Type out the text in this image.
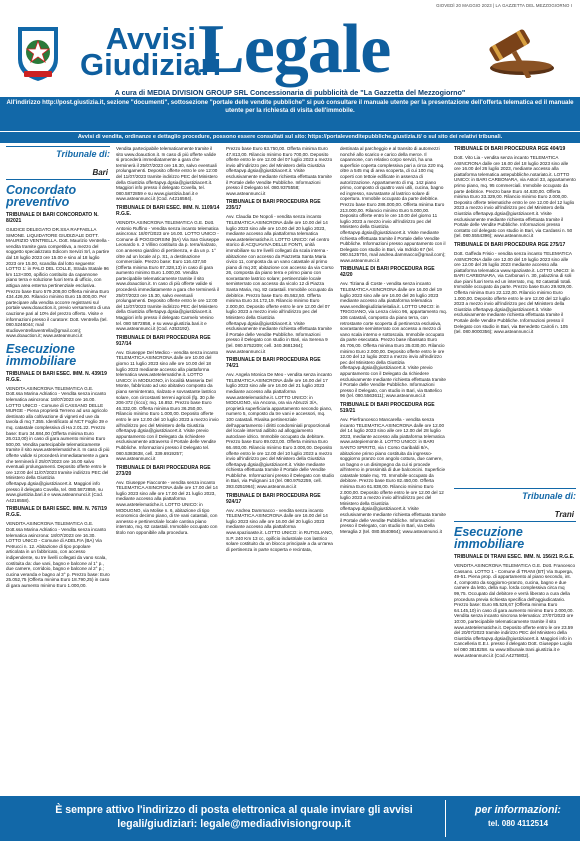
GIOVEDÌ 20 MAGGIO 2023 | LA GAZZETTA DEL MEZZOGIORNO I
Avvisi
Giudiziari
Legale
A cura di MEDIA DIVISION GROUP SRL Concessionaria di pubblicità de "La Gazzetta del Mezzogiorno"
All'indirizzo http://post.giustizia.it, sezione "documenti", sottosezione "portale delle vendite pubbliche" si può consultare il manuale utente per la presentazione dell'offerta telematica ed il manuale utente per la richiesta di visita dell'immobile.
Avvisi di vendita, ordinanze e dettaglio procedure, possono essere consultati sul sito: https://portalevenditepubbliche.giustizia.it/ o sul sito dei relativi tribunali.
Tribunale di:
Bari
Concordato preventivo

TRIBUNALE DI BARI CONCORDATO N. 8/2021

GIUDICE DELEGATO DR.SSA RAFFAELLA SIMONE. LIQUIDATORE GIUDIZIALE DOTT. MAURIZIO VENTRELLA. Dott. Maurizio Ventrella - vendita tramite gara competitiva, a mezzo del soggetto specializzato Edicom Servizi Srl, a partire dal 18 luglio 2023 ore 15.00 e sino al 18 luglio 2023 ore 15.00, scandita dal lotto seguente: LOTTO 1: in PALO DEL COLLE, Strada Statale 96 km 113+300, opificio costituito da capannone piano terra e soluzione fuori terra di ufficio, con attigua area esterna pertinenziale esclusiva. Prezzo base Euro 579.208,00 Offerta minima Euro 434.426,00. Rilancio minimo Euro 15.000,00. Per partecipare alla vendita occorre registrarsi sul portale www.doauction.it, previo versamento di una cauzione pari al 10% del prezzo offerto. Visite e informazioni presso il curatore: Dott. Ventrella (tel. 080.5246044; mail studioventrellaventrella@gmail.com); www.doauction.it; www.asteannunci.it

Esecuzione immobiliare

TRIBUNALE DI BARI ESEC. IMM. N. 439/19 R.G.E.

VENDITA ASINCRONA TELEMATICA G.E. Dott.ssa Marina Adriatico - Vendita senza incanto telematica asincrona: 18/07/2023 ore 16.00. LOTTO UNICO - Comune di CASSANO DELLE MURGE - Piena proprietà Terreno ad uso agricolo destinato alla coltivazione di vigneti ed uve da tavola di mq 7.355. Identificato al NCT Foglio 39 e mq. catastale complessiva di Ha 2.01.22. Prezzo base: Euro 34.684,00 (Offerta minima Euro 26.013,00) in caso di gara aumento minimo Euro 500,00. Vendita partecipabile telematicamente tramite il sito www.astetelematiche.it. In caso di più offerte valide si procederà immediatamente a gara che terminerà il 25/07/2023 ore 16.00 salvo eventuali prolungamenti. Deposito offerte entro le ore 12:00 del 11/07/2023 tramite indirizzo PEC del Ministero della Giustizia offertapvp.dgsia@giustiziacert.it. Maggiori info presso il delegato Covella, tel. 080.5872859, su www.giustizia.bari.it e www.asteannunci.it (Cod. A4216558).

TRIBUNALE DI BARI ESEC. IMM. N. 767/19 R.G.E.

VENDITA ASINCRONA TELEMATICA G.E. Dott.ssa Marina Adriatico - Vendita senza incanto telematica asincrona: 18/07/2023 ore 16.30. LOTTO UNICO - Comune di ADELFIA (BA) Via Petrucci n. 12. Abitazione di tipo popolare articolata in un fabbricato, con accesso indipendente, su tre livelli collegati da vano scala, costituita da: due vani, bagno e balcone al 1° p., due camere, corridoio, bagno e balcone al 2° p.; cucina veranda e bagno al 3° p. Prezzo base: Euro 25.052,75 (Offerta minima Euro 18.790,25) in caso di gara aumento minimo Euro 1.000,00.

Vendita partecipabile telematicamente tramite il sito www.doauction.it. In caso di più offerte valide si procederà immediatamente a gara che terminerà il 25/07/2023 ore 16.30, salvo eventuali prolungamenti. Deposito offerte entro le ore 12:00 del 11/07/2023 tramite indirizzo PEC del Ministero della Giustizia offertapvp.dgsia@giustiziacert.it. Maggiori info presso il delegato Covella, tel. 080.5872859 e su www.giustizia.bari.it e www.asteannunci.it (Cod. A4216584).

TRIBUNALE DI BARI ESEC. IMM. N. 1109/14 R.G.E.

VENDITA ASINCRONA TELEMATICA G.E. Dott. Antonio Ruffino - Vendita senza incanto telematica asincrona: 18/07/2023 ore 16.00. LOTTO UNICO - Comune di POGGIORSINI (BA) Via San Giuseppe Leonardo n. 2 Villino costituito da p. terra/rialzato, con annesso giardino di pertinenza, e da un p. 1° oltre ad un locale al p. S1, a destinazione commerciale. Prezzo base: Euro 116.437,50 (Offerta minima Euro 87.328,13) in caso di gara aumento minimo Euro 1.000,00. Vendita partecipabile telematicamente tramite il sito www.doauction.it. In caso di più offerte valide si procederà immediatamente a gara che terminerà il 25/07/2023 ore 15.30, salvo eventuali prolungamenti. Deposito offerte entro le ore 12:00 del 11/07/2023 tramite indirizzo PEC del Ministero della Giustizia offertapvp.dgsia@giustiziacert.it. Maggiori info presso il delegato Carmelo Venino tel. 080 5872858, e su www.giustizia.bari.it e www.asteannunci.it (Cod. A353192).

TRIBUNALE DI BARI PROCEDURA RGE 917/14

Avv. Giuseppe Del Medico - vendita senza incanto TELEMATICA ASINCRONA dalle ore 10.00 del giorno 11 luglio 2023 sino alle ore 10.00 del 18 luglio 2023 mediante accesso alla piattaforma telematica www.astetelematiche.it. LOTTO UNICO: in MODUGNO, in località Masseria Del Monte, fabbricato ad uso abitativo composto da piano seminterrato, rialzato e sovrastante lastrico solare, con circostanti terreni agricoli (fg. 30 p.lle 206-372 (ricco); mq. 16.852. Prezzo base Euro 46.332,00. Offerta minima Euro 36.250,00. Rilancio minimo Euro 1.000,00. Deposito offerte entro le ore 12.00 del 10 luglio 2023 a mezzo invio all'indirizzo pec del Ministero della Giustizia offertapvp.dgsia@giustiziacert.it. Visite previo appuntamento con il Delegato da richiedere esclusivamente attraverso il Portale delle Vendite Pubbliche. Informazioni presso il Delegato tel. 080.5383638, cell. 339.6919257; www.asteannunci.it

TRIBUNALE DI BARI PROCEDURA RGE 273/20

Avv. Giuseppe Fiacconte - vendita senza incanto TELEMATICA ASINCRONA dalle ore 17.00 del 14 luglio 2023 sino alle ore 17.00 del 21 luglio 2023, mediante accesso alla piattaforma www.astetelematiche.it. LOTTO UNICO: in MODUGNO, via Molise n. 6, abitazione di tipo economico decimo piano, di tre vani catastali, con annesso e pertinenziale locale cantina piano interrato, mq. 62 catastali. Immobile occupato con titolo non opponibile alla procedura.

Prezzo base Euro 63.750,00. Offerta minima Euro 47.813,00. Rilancio minimo Euro 700,00. Deposito offerte entro le ore 12.00 del 07 luglio 2023 a mezzo invio all'indirizzo pec del Ministero della Giustizia offertapvp.dgsia@giustiziacert.it. Visite esclusivamente mediante richiesta effettuata tramite il Portale delle Vendite Pubbliche. Informazioni presso il Delegato tel. 080.9375558; www.asteannunci.it

TRIBUNALE DI BARI PROCEDURA RGE 235/17

Avv. Claudia De Nopoli - vendita senza incanto TELEMATICA ASINCRONA dalle ore 10.00 del 14 luglio 2023 sino alle ore 10.00 del 20 luglio 2023, mediante accesso alla piattaforma telematica www.astetelematiche.it. LOTTO UNICO: nel centro storico di ACQUAVIVA DELLE FONTI, unità immobiliare su tre livelli collegati da scala interna - abitazione con accesso da Piazzetta Santa Maria civico 11, composta da un vano catastale al primo piano di mq 20; abitazione con accesso da via Corso 26, composta da piano terra e primo piano con sovrastante lastrico solare; pertinenziale locale seminterrato con accesso da vicolo 12 di Piazza Santa Maria, mq. 82 catastali. Immobile occupato da debitrice. Prezzo base Euro 45.562,50. Offerta minima Euro 34.172,19. Rilancio minimo Euro 2.000,00. Deposito offerte entro le ore 12.00 del 07 luglio 2023 a mezzo invio all'indirizzo pec del Ministero della Giustizia offertapvp.dgsia@giustiziacert.it. Visite esclusivamente mediante richiesta effettuata tramite il Portale delle Vendite Pubbliche. Informazioni presso il Delegato con studio in Bari, via Serena 9 (tel. 080.5752209; cell. 340.3681364); www.asteannunci.it

TRIBUNALE DI BARI PROCEDURA RGE 74/21

Avv. Angela Monica De Meo - vendita senza incanto TELEMATICA ASINCRONA dalle ore 16.00 del 17 luglio 2023 sino alle ore 16.00 del 21 luglio 2023 mediante accesso alla piattaforma www.astetelematiche.it. LOTTO UNICO: in MODUGNO, via Ancona, ora via Abruzzi 3/A, proprietà superficiaria appartamento secondo piano, numero 5, composto da tre vani e accessori, mq. 100 catastali. Rivalsa pertinenziale dell'appartamento i diritti condominiali proporzionali del locale interrati adibito ad alloggiamento autoclave idrico. Immobile occupato da debitore. Prezzo base Euro 89.023,00. Offerta minima Euro 66.493,00. Rilancio minimo Euro 3.000,00. Deposito offerte entro le ore 12.00 del 10 luglio 2023 a mezzo invio all'indirizzo pec del Ministero della Giustizia offertapvp.dgsia@giustiziacert.it. Visite mediante richiesta effettuata tramite il Portale delle Vendite Pubbliche. Informazioni presso il Delegato con studio in Bari, via Pulignani 14 (tel. 080.9752259, cell. 393.0251964); www.asteannunci.it

TRIBUNALE DI BARI PROCEDURA RGE 924/17

Avv. Andrea Dammacco - vendita senza incanto TELEMATICA ASINCRONA dalle ore 16.00 del 14 luglio 2023 sino alle ore 16.00 del 20 luglio 2023 mediante accesso alla piattaforma www.spazioaste.it. LOTTO UNICO: in RUTIGLIANO, S.P. 240 Km 13 cc, opificio industriale con lastrico solare costituito da un blocco principale a da un'area di pertinenza in parte scoperta e recintata,

destinata al parcheggio e al transito di automezzi nonché allo scarico e carico della merce. Il capannone, con relativo corpo servizi, ha una superficie coperta complessiva pari a circa 220 mq. oltre a 545 mq di area scoperta, di cui 100 mq coperti con tettoie edificate in assenza di autorizzazione. Appartamento di mq. 142 piano primo, composto di quattro vani utili, cucina, bagno ed ingresso, sovrastante al lastrico solare di copertura. Immobile occupato da parte debitrice. Prezzo base Euro 286.000,00. Offerta minima Euro 213.000,00. Rilancio minimo Euro 5.000,00. Deposito offerte entro le ore 10.00 del giorno 11 luglio 2023 a mezzo invio all'indirizzo pec del Ministero della Giustizia offertapvp.dgsia@giustiziacert.it. Visite mediante richiesta effettuata tramite il Portale delle Vendite Pubbliche. Informazioni presso appuntamento con il Delegato con studio in Bari, via Indrido 67 (tel. 080.5125704, mail andrea.dammacco@gmail.com); www.asteannunci.it

TRIBUNALE DI BARI PROCEDURA RGE 42/20

Avv. Tiziana di Coste - vendita senza incanto TELEMATICA ASINCRONA dalle ore 16.00 del 19 luglio 2023 sino alle ore 16.00 del 26 luglio 2023 mediante accesso alla piattaforma telematica www.venditegiudiziarieitalia.it. LOTTO UNICO: in TRIGGIANO, via Lenza civico 96, appartamento mq. 106 catastali, composto da piano terra, con retrostante corte scoperta di pertinenza esclusiva, sovrastante seminterrato con accesso a mezzo di vano scala interno e sottoscala. Immobile occupato da parte esecutata. Prezzo base ribassato Euro 46.706,00. Offerta minima Euro 35.030,00. Rilancio minimo Euro 2.000,00. Deposito offerte entro le ore 12.00 del 12 luglio 2023 a mezzo invio all'indirizzo pec del Ministero della Giustizia offertapvp.dgsia@giustiziacert.it. Visite previo appuntamento con il Delegato da richiedere esclusivamente mediante richiesta effettuata tramite il Portale delle Vendite Pubbliche. Informazioni presso il Delegato, con studio in Bari, via Battelico 96 (tel. 080.5563611); www.asteannunci.it

TRIBUNALE DI BARI PROCEDURA RGE 519/21

Avv. Pierfrancesco Mancarella - vendita senza incanto TELEMATICA ASINCRONA dalle ore 12.00 del 14 luglio 2023 sino alle ore 12.00 del 28 luglio 2023, mediante accesso alla piattaforma telematica www.astepiemonte.it. LOTTO UNICO: in BARI SANTO SPIRITO, via I Corso Garibaldi 8/A, abitazione primo piano costituita da ingresso-soggiorno pranzo con angolo cottura, due camere, un bagno e un disimpegno da cui si procede all'interno in prossimità di due balconcini. Superficie catastale totale mq. 70. Immobile occupato da debitore. Prezzo base Euro 82.450,00. Offerta minima Euro 61.838,00. Rilancio minimo Euro 2.000,00. Deposito offerte entro le ore 12.00 del 12 luglio 2023 a mezzo invio all'indirizzo pec del Ministero della Giustizia offertapvp.dgsia@giustiziacert.it. Visite esclusivamente mediante richiesta effettuata tramite il Portale delle Vendite Pubbliche. Informazioni presso il Delegato, con studio in Bari, via Della Meraglia 2 (tel. 080.5540864); www.asteannunci.it

TRIBUNALE DI BARI PROCEDURA RGE 404/19

Dott. Vito Lia - vendita senza incanto TELEMATICA ASINCRONA dalle ore 16.00 del 18 luglio 2023 sino alle ore 16.00 del 26 luglio 2023, mediante accesso alla piattaforma telematica astepubbliche.notariato.it. LOTTO UNICO: in BARI CARBONARA, via Astori 33, appartamento primo piano, mq. 95 commerciali. Immobile occupato da parte debitrice. Prezzo base Euro 44.630,00. Offerta minima Euro 33.329,00. Rilancio minimo Euro 2.000,00. Deposito offerte telematiche entro le ore 12.00 del 12 luglio 2023 a mezzo invio all'indirizzo pec del Ministero della Giustizia offertapvp.dgsia@giustiziacert.it. Visite esclusivamente mediante richiesta effettuata tramite il Portale delle Vendite Pubbliche. Informazioni presso contatto col delegato con studio in Bari, via Cardassi n. 50 (tel. 080.5554396); www.asteannunci.it

TRIBUNALE DI BARI PROCEDURA RGE 275/17

Dott. Gaffeda Frisio - vendita senza incanto TELEMATICA ASINCRONA dalle ore 12.00 del 19 luglio 2023 sino alle ore 12.00 del 26 luglio 2023 mediante accesso alla piattaforma telematica www.spaziaste.it. LOTTO UNICO: in BARI CARBONARA, via Carbonari n. 30, palazzina di soli due piani fuori terra ed un interrato, mq. 92 catastali totali. Immobile occupato da parte. Prezzo base Euro 29.929,00. Offerta minima Euro 22.122,00. Rilancio minimo Euro 1.000,00. Deposito offerte entro le ore 12.00 del 12 luglio 2023 a mezzo invio all'indirizzo pec del Ministero della Giustizia offertapvp.dgsia@giustiziacert.it. Visite esclusivamente mediante richiesta effettuata tramite il Portale delle Vendite Pubbliche. Informazioni presso il Delegato con studio in Bari, via Benedetto Cairoli n. 105 (tel. 080.9000356); www.asteannunci.it

Tribunale di:
Trani
Esecuzione immobiliare

TRIBUNALE DI TRANI ESEC. IMM. N. 156/21 R.G.E.

VENDITA ASINCRONA TELEMATICA G.E. Dott. Francesco Cassano. LOTTO 1 - Comune di TRANI (BT) Via Superga, 49-51. Piena prop. di appartamento al piano secondo, int. 4, composto da soggiorno-pranzo, cucina, bagno e due camere da letto, della sup. lorda complessiva circa mq 99,75. Occupato dal debitore e verrà liberato a cura della procedura previa richiesta specifica dell'aggiudicatario. Prezzo base: Euro 85.526,67 (Offerta minima Euro 64.145,10) in caso di gara aumento minimo Euro 2.000,00. Vendita senza incanto sincrona telematica: 27/07/2023 ore 10:00, partecipabile telematicamente tramite il sito www.astetelematiche.it. Deposito offerte entro le ore 23.59 del 20/07/2023 tramite indirizzo PEC del Ministero della Giustizia offertapvp.dgsia@giustiziacert.it. Maggiori info in Cancelleria E.E.I. presso il delegato Dott. Giuseppe Luglio tel 080 3818258. su www.tribunale.trani.giustizia.it e www.asteannunci.it (Cod.A4275802).

È sempre attivo l'indirizzo di posta elettronica al quale inviare gli avvisi legali/giudiziari: legale@mediadivisiongroup.it
per informazioni:
tel. 080 4112514
